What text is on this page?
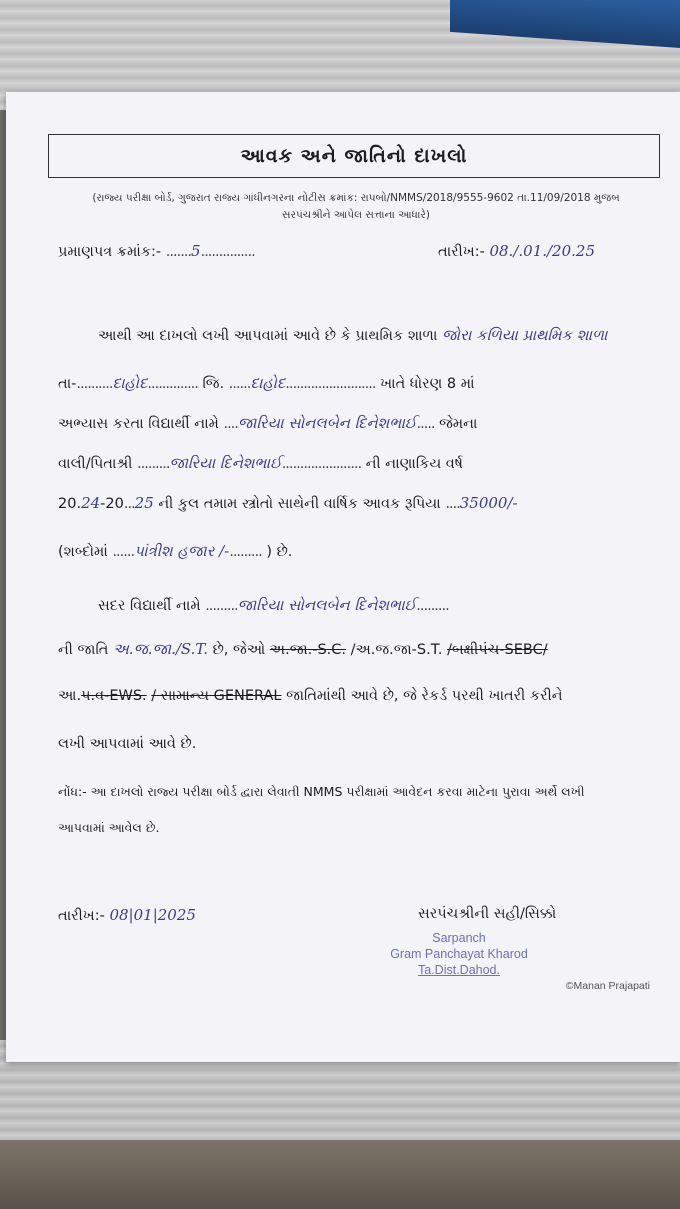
આવક અને જાતિનો દાખલો
(રાજ્ય પરીક્ષા બોર્ડ, ગુજરાત રાજ્ય ગાંધીનગરના નોટીસ ક્રમાંક: રાપબો/NMMS/2018/9555-9602 તા.11/09/2018 મુજબ
સરપંચશ્રીને આપેલ સત્તાના આધારે)
પ્રમાણપત્ર ક્રમાંક:- .......5...............	તારીખ:- 08./.01./20.25
આથી આ દાખલો લખી આપવામાં આવે છે કે પ્રાથમિક શાળા જોરા કળિયા પ્રાથમિક શાળા
તા-..........દાહોદ.............. જિ. ......દાહોદ......................... ખાતે ધોરણ 8 માં
અભ્યાસ કરતા વિદ્યાર્થી નામે ....જારિયા સોનલબેન દિનેશભાઈ..... જેમના
વાલી/પિતાશ્રી .........જારિયા દિનેશભાઈ...................... ની નાણાકિય વર્ષ
20.24-20...25 ની કુલ તમામ સ્ત્રોતો સાથેની વાર્ષિક આવક રૂપિયા ....35000/-
(શબ્દોમાં ......પાંત્રીશ હજાર /-......... ) છે.
સદર વિદ્યાર્થી નામે .........જારિયા સોનલબેન દિનેશભાઈ.........
ની જાતિ અ.જ.જા./S.T. છે, જેઓ અ.જા.-S.C. /અ.જ.જા-S.T. /બક્ષીપંચ-SEBC/
આ.પ.વ-EWS. / સામાન્ય GENERAL જાતિમાંથી આવે છે, જે રેકર્ડ પરથી ખાતરી કરીને
લખી આપવામાં આવે છે.
નોંધ:- આ દાખલો રાજ્ય પરીક્ષા બોર્ડ દ્વારા લેવાતી NMMS પરીક્ષામાં આવેદન કરવા માટેના પુરાવા અર્થે લખી
આપવામાં આવેલ છે.
તારીખ:- 08|01|2025	સરપંચશ્રીની સહી/સિક્કો
Sarpanch
Gram Panchayat Kharod
Ta.Dist.Dahod.
©Manan Prajapati
